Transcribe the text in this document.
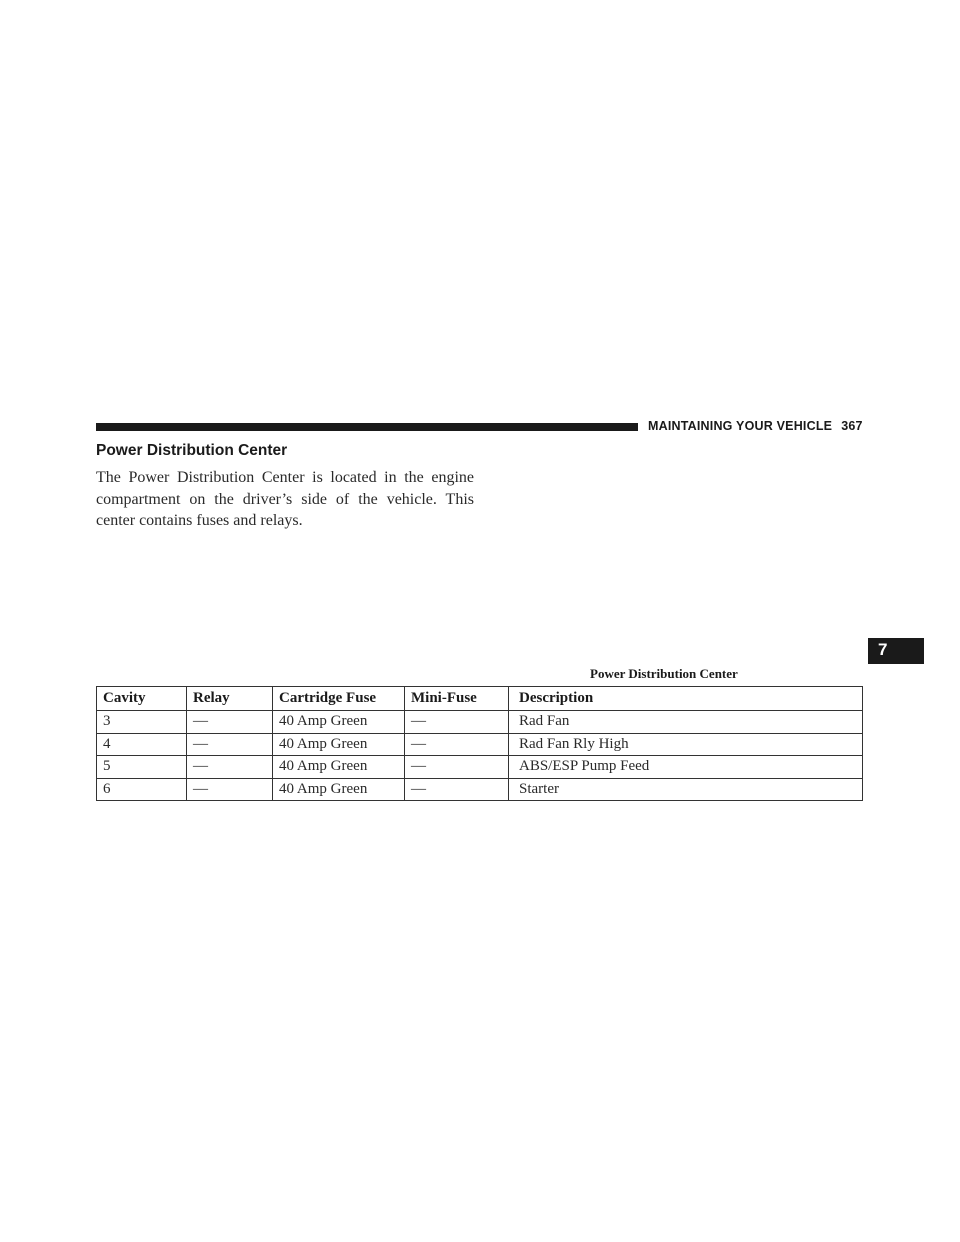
MAINTAINING YOUR VEHICLE 367
Power Distribution Center
The Power Distribution Center is located in the engine compartment on the driver’s side of the vehicle. This center contains fuses and relays.
7
Power Distribution Center
Cavity	Relay	Cartridge Fuse	Mini-Fuse	Description
3	—	40 Amp Green	—	Rad Fan
4	—	40 Amp Green	—	Rad Fan Rly High
5	—	40 Amp Green	—	ABS/ESP Pump Feed
6	—	40 Amp Green	—	Starter
